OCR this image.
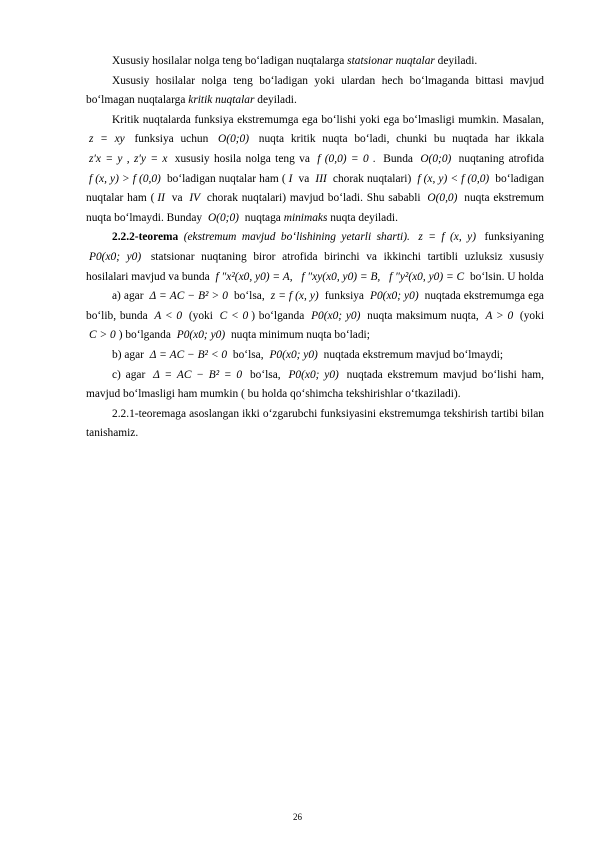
Xususiy hosilalar nolga teng bo‘ladigan nuqtalarga statsionar nuqtalar deyiladi.

Xususiy hosilalar nolga teng bo‘ladigan yoki ulardan hech bo‘lmaganda bittasi mavjud bo‘lmagan nuqtalarga kritik nuqtalar deyiladi.

Kritik nuqtalarda funksiya ekstremumga ega bo‘lishi yoki ega bo‘lmasligi mumkin. Masalan, z = xy funksiya uchun O(0;0) nuqta kritik nuqta bo‘ladi, chunki bu nuqtada har ikkala z′x = y , z′y = x xususiy hosila nolga teng va f (0,0) = 0 . Bunda O(0;0) nuqtaning atrofida f (x, y) > f (0,0) bo‘ladigan nuqtalar ham ( I va III chorak nuqtalari) f (x, y) < f (0,0) bo‘ladigan nuqtalar ham ( II va IV chorak nuqtalari) mavjud bo‘ladi. Shu sababli O(0,0) nuqta ekstremum nuqta bo‘lmaydi. Bunday O(0;0) nuqtaga minimaks nuqta deyiladi.

2.2.2-teorema (ekstremum mavjud bo‘lishining yetarli sharti). z = f (x, y) funksiyaning P0(x0; y0) statsionar nuqtaning biror atrofida birinchi va ikkinchi tartibli uzluksiz xususiy hosilalari mavjud va bunda f ″x²(x0, y0) = A, f ″xy(x0, y0) = B, f ″y²(x0, y0) = C bo‘lsin. U holda

a) agar Δ = AC − B² > 0 bo‘lsa, z = f (x, y) funksiya P0(x0; y0) nuqtada ekstremumga ega bo‘lib, bunda A < 0 (yoki C < 0 ) bo‘lganda P0(x0; y0) nuqta maksimum nuqta, A > 0 (yoki C > 0 ) bo‘lganda P0(x0; y0) nuqta minimum nuqta bo‘ladi;

b) agar Δ = AC − B² < 0 bo‘lsa, P0(x0; y0) nuqtada ekstremum mavjud bo‘lmaydi;

c) agar Δ = AC − B² = 0 bo‘lsa, P0(x0; y0) nuqtada ekstremum mavjud bo‘lishi ham, mavjud bo‘lmasligi ham mumkin ( bu holda qo‘shimcha tekshirishlar o‘tkaziladi).

2.2.1-teoremaga asoslangan ikki o‘zgarubchi funksiyasini ekstremumga tekshirish tartibi bilan tanishamiz.

26
